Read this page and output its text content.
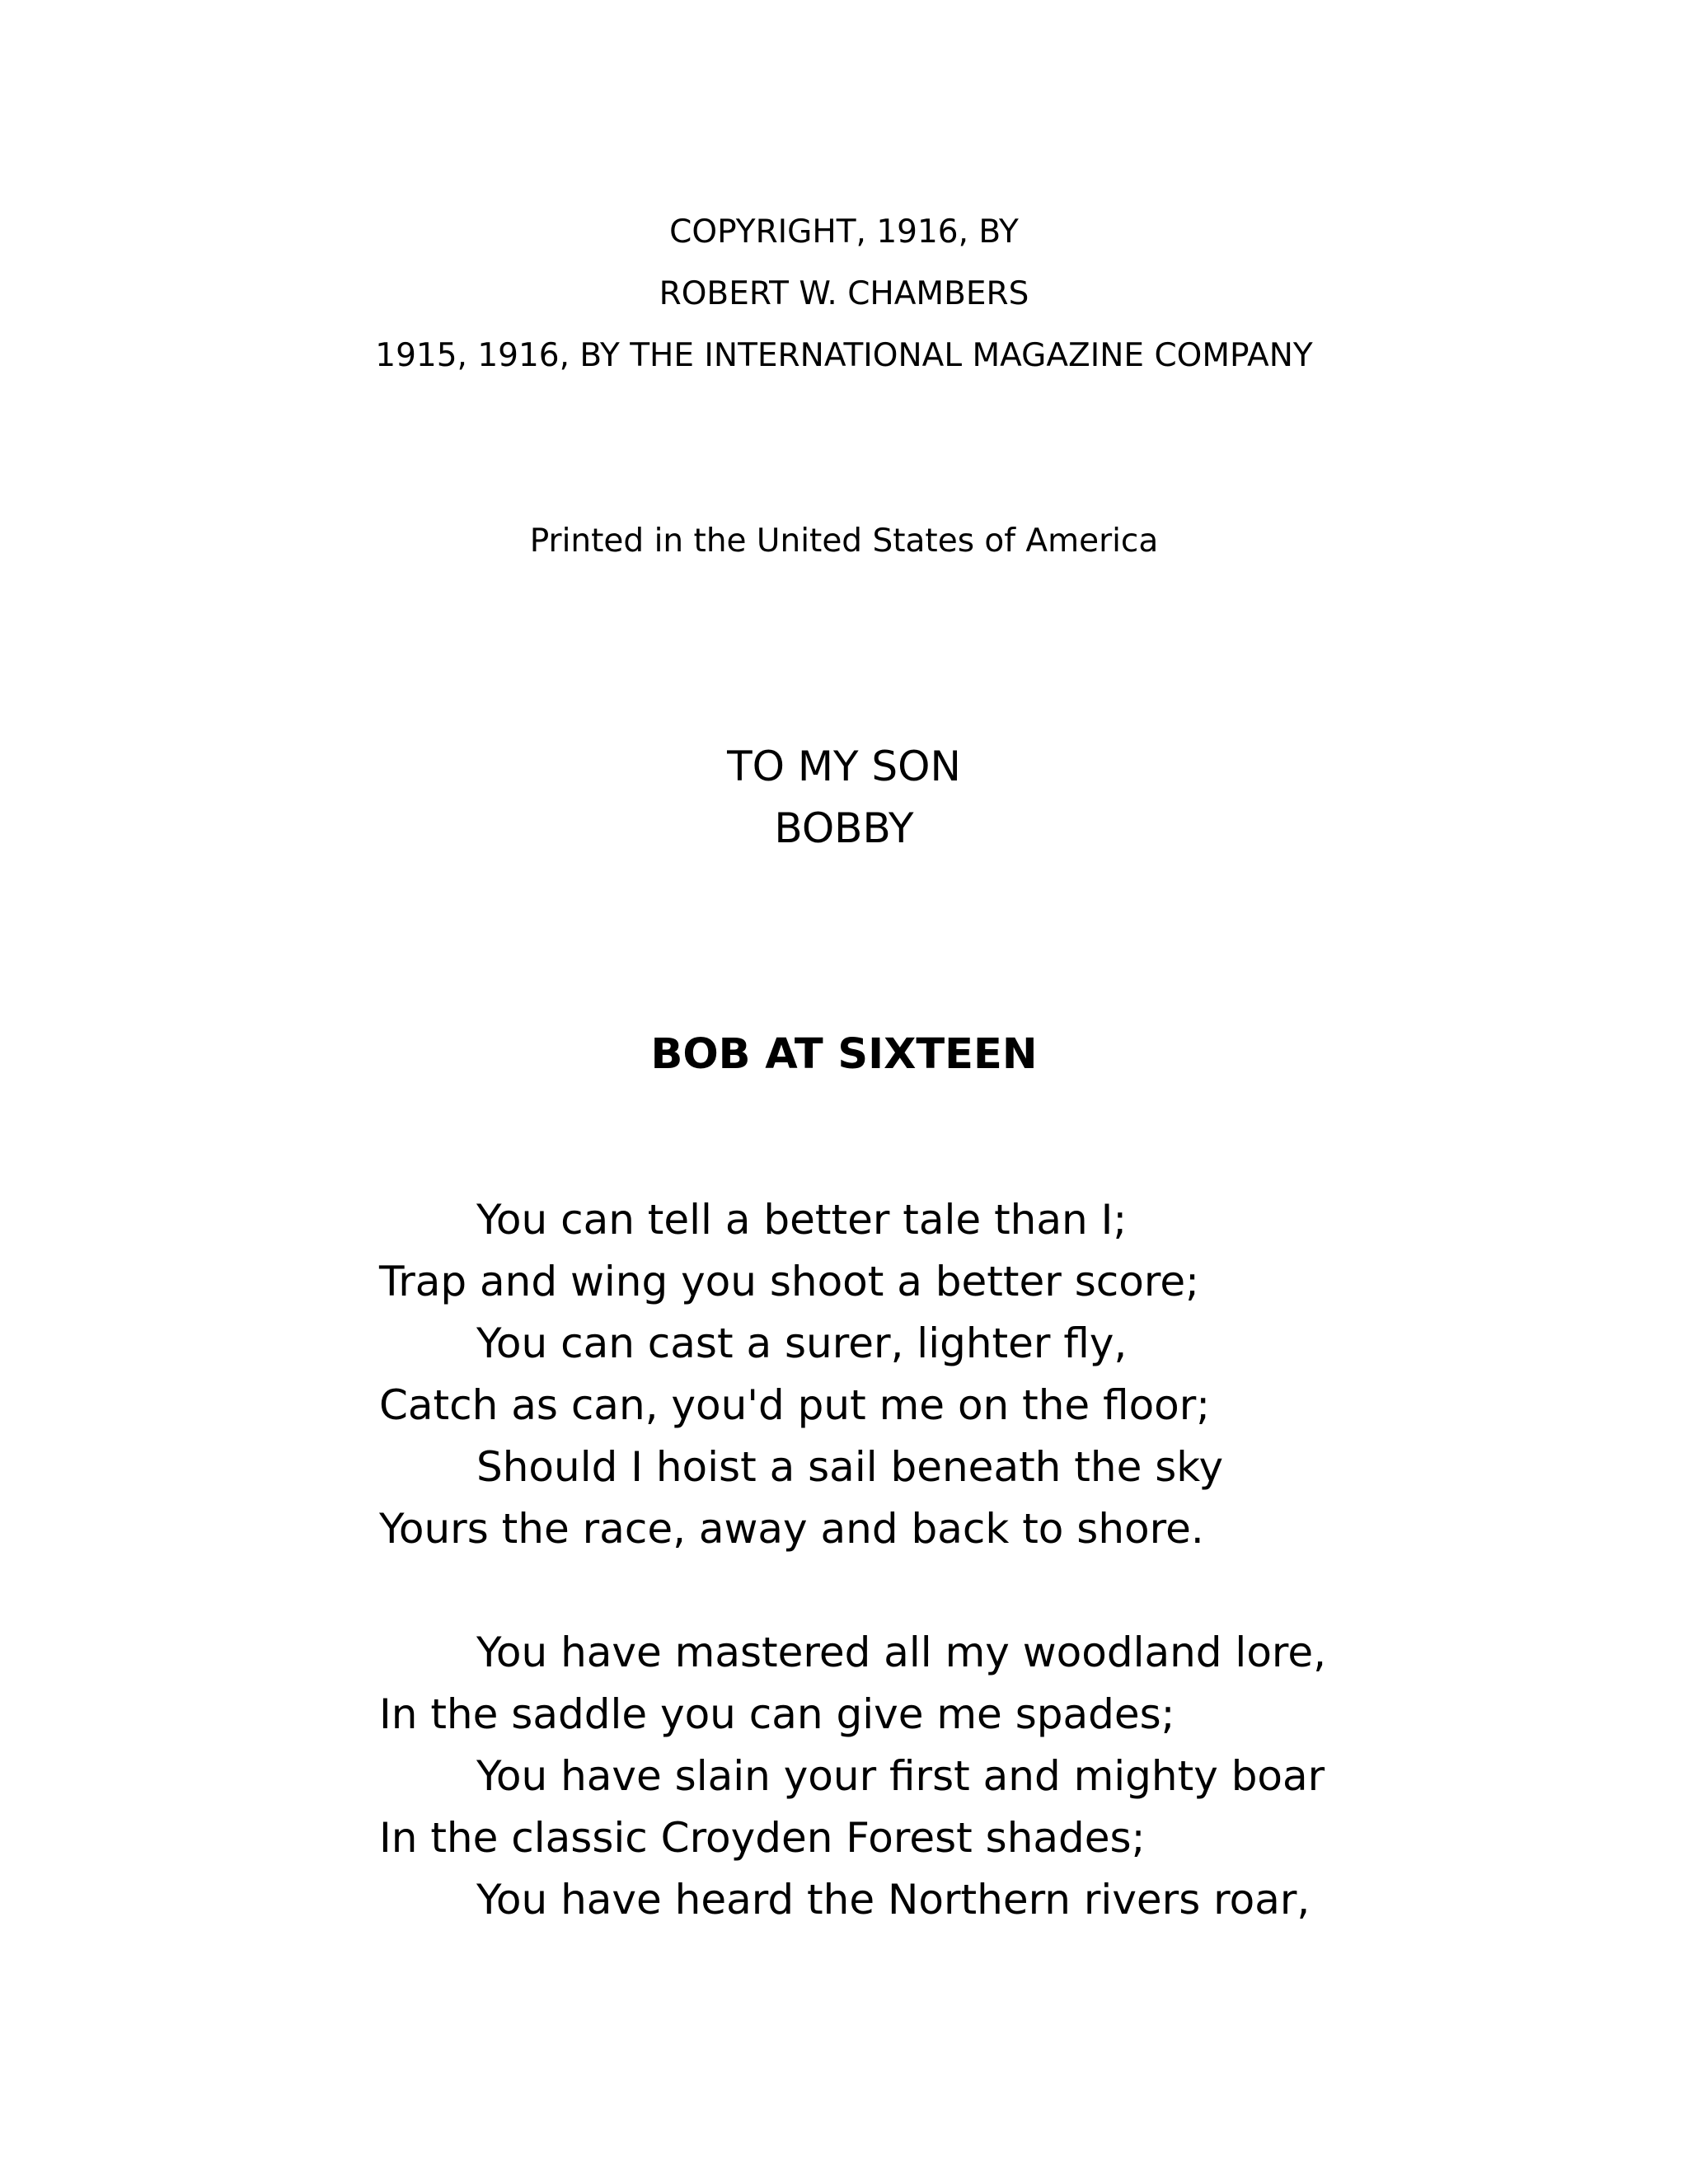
COPYRIGHT, 1916, BY
ROBERT W. CHAMBERS
1915, 1916, BY THE INTERNATIONAL MAGAZINE COMPANY
Printed in the United States of America
TO MY SON
BOBBY
BOB AT SIXTEEN
You can tell a better tale than I;
Trap and wing you shoot a better score;
You can cast a surer, lighter fly,
Catch as can, you'd put me on the floor;
Should I hoist a sail beneath the sky
Yours the race, away and back to shore.
You have mastered all my woodland lore,
In the saddle you can give me spades;
You have slain your first and mighty boar
In the classic Croyden Forest shades;
You have heard the Northern rivers roar,
